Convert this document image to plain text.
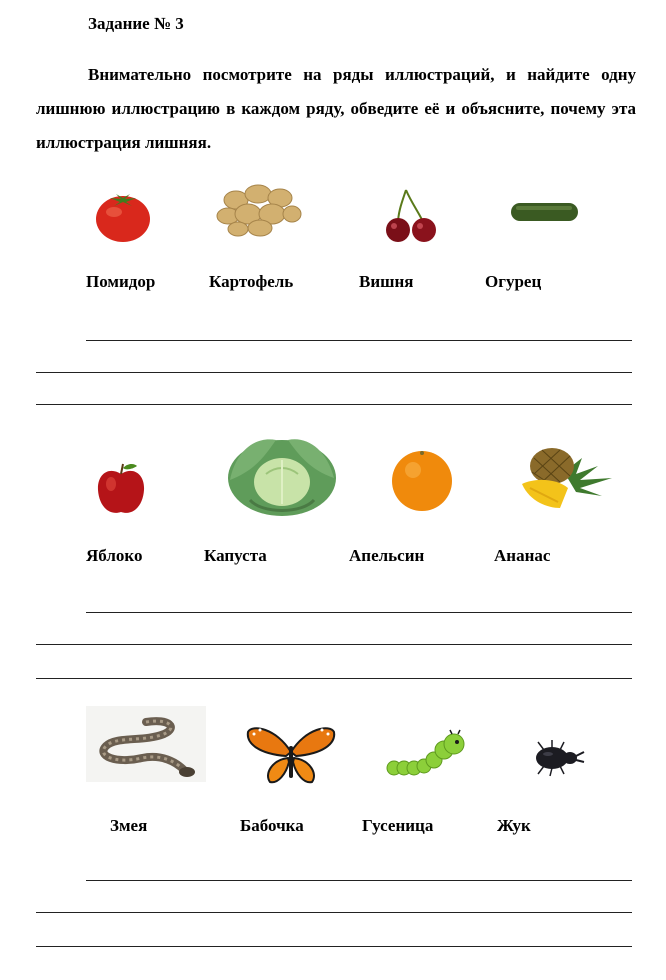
Задание № 3
Внимательно посмотрите на ряды иллюстраций, и найдите одну лишнюю иллюстрацию в каждом ряду, обведите её и объясните, почему эта иллюстрация лишняя.
Помидор	Картофель	Вишня	Огурец
Яблоко	Капуста	Апельсин	Ананас
Змея	Бабочка	Гусеница	Жук
